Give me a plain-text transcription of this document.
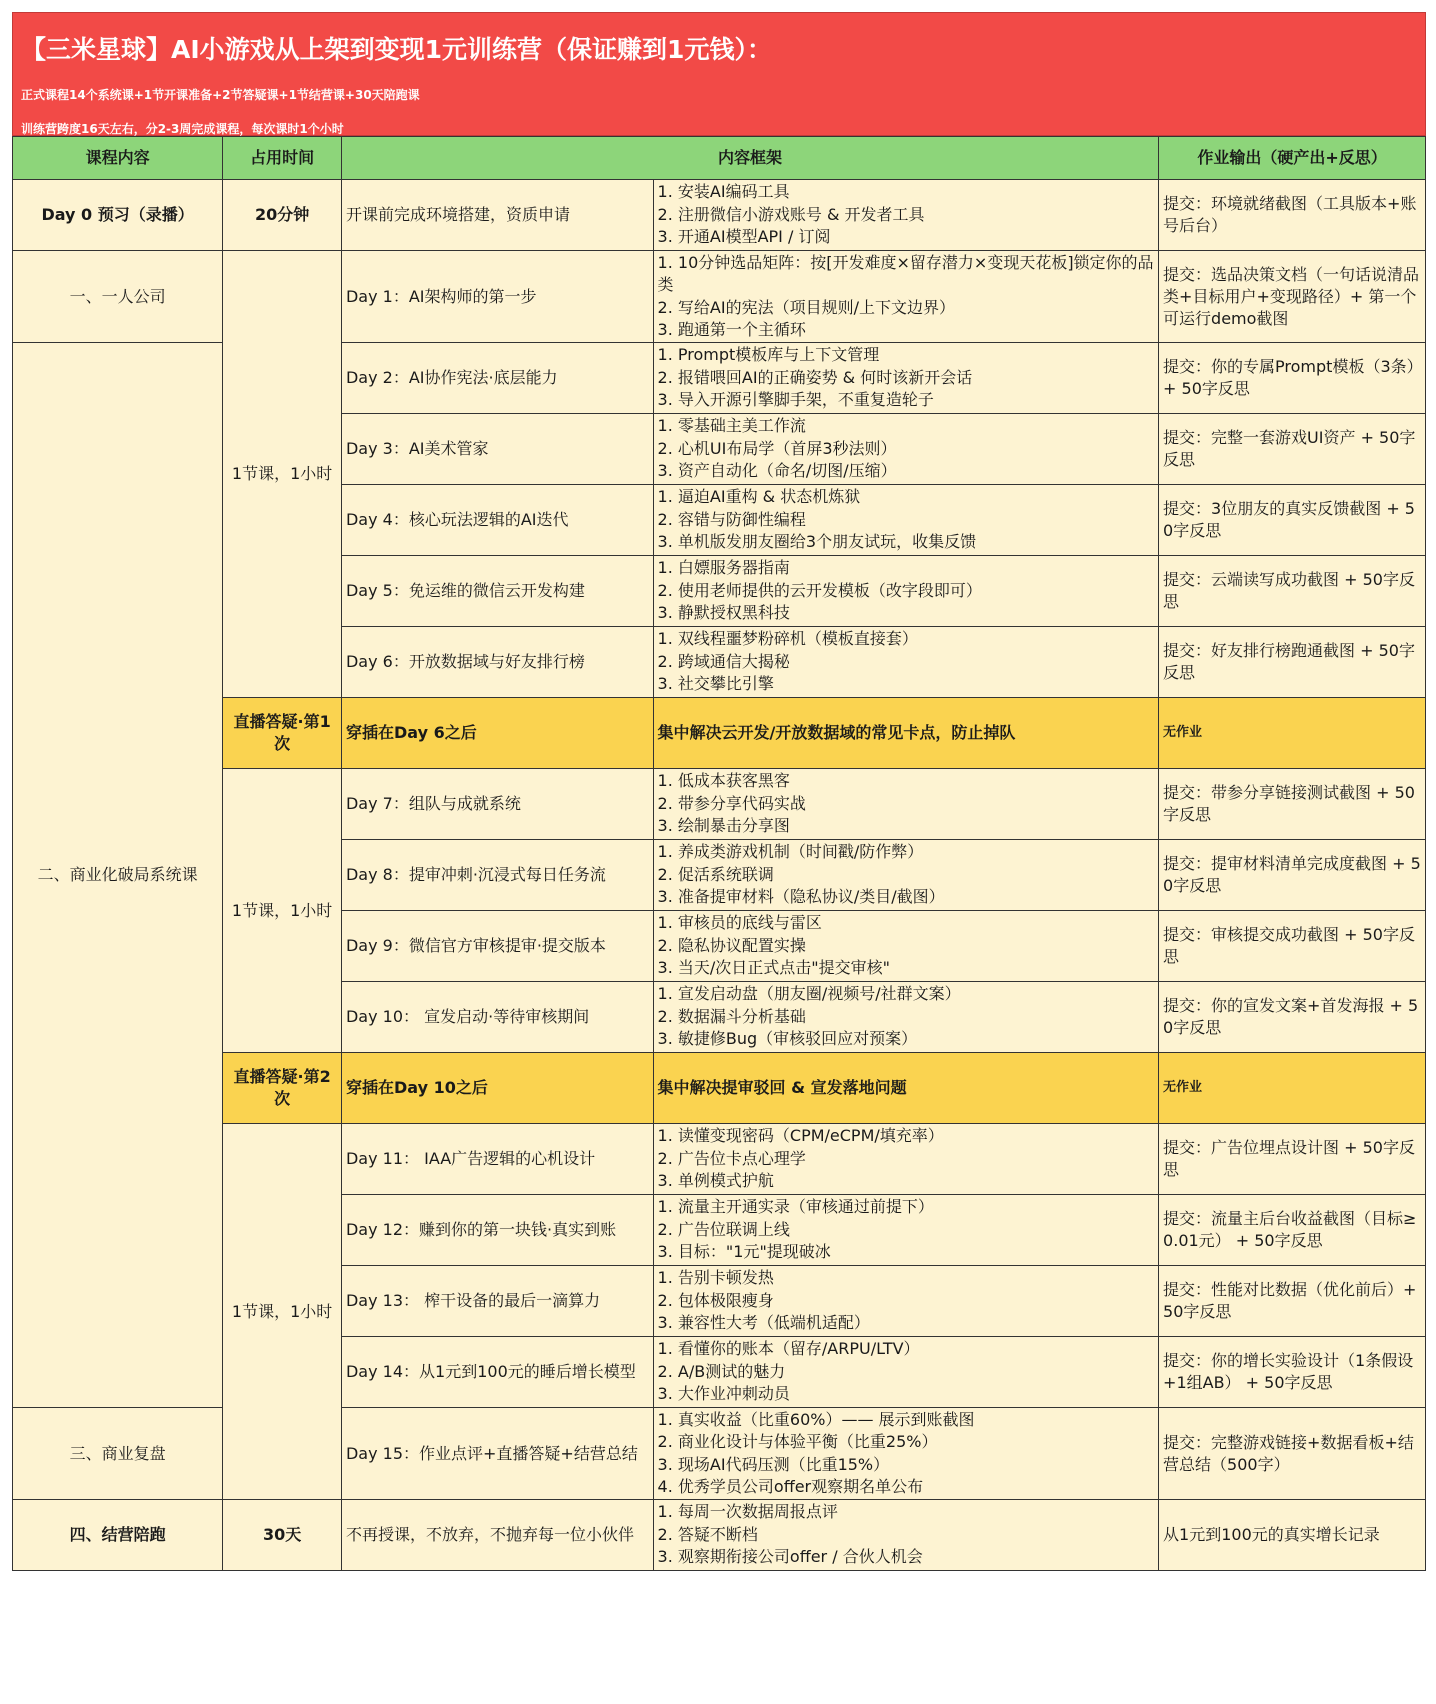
【三米星球】AI小游戏从上架到变现1元训练营（保证赚到1元钱）：
正式课程14个系统课+1节开课准备+2节答疑课+1节结营课+30天陪跑课
训练营跨度16天左右，分2-3周完成课程，每次课时1个小时
课程内容	占用时间	内容框架		作业输出（硬产出+反思）
Day 0 预习（录播）	20分钟	开课前完成环境搭建，资质申请	1. 安装AI编码工具
2. 注册微信小游戏账号 & 开发者工具
3. 开通AI模型API / 订阅	提交：环境就绪截图（工具版本+账号后台）
一、一人公司	1节课，1小时	Day 1：AI架构师的第一步	1. 10分钟选品矩阵：按[开发难度×留存潜力×变现天花板]锁定你的品类
2. 写给AI的宪法（项目规则/上下文边界）
3. 跑通第一个主循环	提交：选品决策文档（一句话说清品类+目标用户+变现路径）+ 第一个可运行demo截图
二、商业化破局系统课		Day 2：AI协作宪法·底层能力	1. Prompt模板库与上下文管理
2. 报错喂回AI的正确姿势 & 何时该新开会话
3. 导入开源引擎脚手架，不重复造轮子	提交：你的专属Prompt模板（3条）+ 50字反思
		Day 3：AI美术管家	1. 零基础主美工作流
2. 心机UI布局学（首屏3秒法则）
3. 资产自动化（命名/切图/压缩）	提交：完整一套游戏UI资产 + 50字反思
		Day 4：核心玩法逻辑的AI迭代	1. 逼迫AI重构 & 状态机炼狱
2. 容错与防御性编程
3. 单机版发朋友圈给3个朋友试玩，收集反馈	提交：3位朋友的真实反馈截图 + 50字反思
		Day 5：免运维的微信云开发构建	1. 白嫖服务器指南
2. 使用老师提供的云开发模板（改字段即可）
3. 静默授权黑科技	提交：云端读写成功截图 + 50字反思
		Day 6：开放数据域与好友排行榜	1. 双线程噩梦粉碎机（模板直接套）
2. 跨域通信大揭秘
3. 社交攀比引擎	提交：好友排行榜跑通截图 + 50字反思
	直播答疑·第1次	穿插在Day 6之后	集中解决云开发/开放数据域的常见卡点，防止掉队	无作业
	1节课，1小时	Day 7：组队与成就系统	1. 低成本获客黑客
2. 带参分享代码实战
3. 绘制暴击分享图	提交：带参分享链接测试截图 + 50字反思
		Day 8：提审冲刺·沉浸式每日任务流	1. 养成类游戏机制（时间戳/防作弊）
2. 促活系统联调
3. 准备提审材料（隐私协议/类目/截图）	提交：提审材料清单完成度截图 + 50字反思
		Day 9：微信官方审核提审·提交版本	1. 审核员的底线与雷区
2. 隐私协议配置实操
3. 当天/次日正式点击"提交审核"	提交：审核提交成功截图 + 50字反思
		Day 10： 宣发启动·等待审核期间	1. 宣发启动盘（朋友圈/视频号/社群文案）
2. 数据漏斗分析基础
3. 敏捷修Bug（审核驳回应对预案）	提交：你的宣发文案+首发海报 + 50字反思
	直播答疑·第2次	穿插在Day 10之后	集中解决提审驳回 & 宣发落地问题	无作业
	1节课，1小时	Day 11： IAA广告逻辑的心机设计	1. 读懂变现密码（CPM/eCPM/填充率）
2. 广告位卡点心理学
3. 单例模式护航	提交：广告位埋点设计图 + 50字反思
		Day 12：赚到你的第一块钱·真实到账	1. 流量主开通实录（审核通过前提下）
2. 广告位联调上线
3. 目标："1元"提现破冰	提交：流量主后台收益截图（目标≥0.01元） + 50字反思
		Day 13： 榨干设备的最后一滴算力	1. 告别卡顿发热
2. 包体极限瘦身
3. 兼容性大考（低端机适配）	提交：性能对比数据（优化前后）+ 50字反思
		Day 14：从1元到100元的睡后增长模型	1. 看懂你的账本（留存/ARPU/LTV）
2. A/B测试的魅力
3. 大作业冲刺动员	提交：你的增长实验设计（1条假设+1组AB） + 50字反思
三、商业复盘		Day 15：作业点评+直播答疑+结营总结	1. 真实收益（比重60%）—— 展示到账截图
2. 商业化设计与体验平衡（比重25%）
3. 现场AI代码压测（比重15%）
4. 优秀学员公司offer观察期名单公布	提交：完整游戏链接+数据看板+结营总结（500字）
四、结营陪跑	30天	不再授课，不放弃，不抛弃每一位小伙伴	1. 每周一次数据周报点评
2. 答疑不断档
3. 观察期衔接公司offer / 合伙人机会	从1元到100元的真实增长记录
